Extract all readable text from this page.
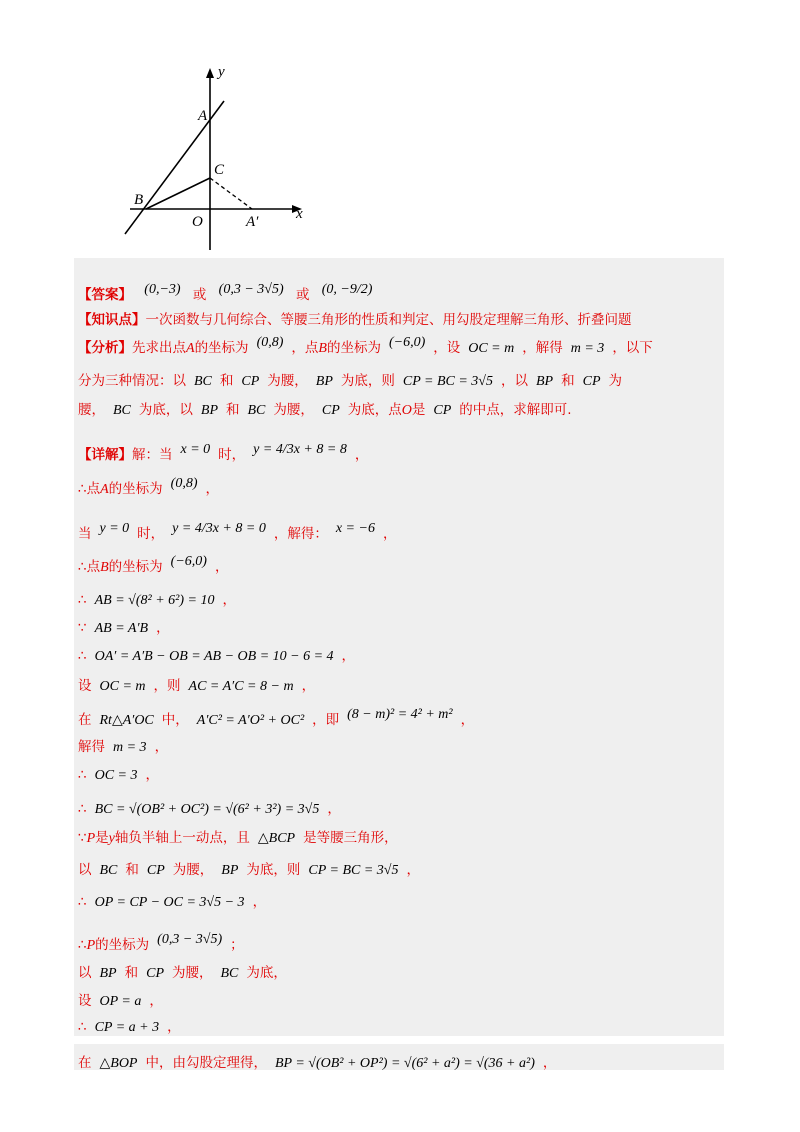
y
A
C
B
O	A′	x
【答案】 (0,−3) 或 (0,3 − 3√5) 或 (0, −9/2)
【知识点】一次函数与几何综合、等腰三角形的性质和判定、用勾股定理解三角形、折叠问题
【分析】先求出点A的坐标为 (0,8) ，点B的坐标为 (−6,0) ，设 OC = m ，解得 m = 3 ，以下
分为三种情况：以 BC 和 CP 为腰， BP 为底，则 CP = BC = 3√5 ，以 BP 和 CP 为
腰， BC 为底，以 BP 和 BC 为腰， CP 为底，点O是 CP 的中点，求解即可.
【详解】解：当 x = 0 时， y = 4/3x + 8 = 8 ，
∴点A的坐标为 (0,8) ，
当 y = 0 时， y = 4/3x + 8 = 0 ，解得： x = −6 ，
∴点B的坐标为 (−6,0) ，
∴ AB = √(8² + 6²) = 10 ，
∵ AB = A′B ，
∴ OA′ = A′B − OB = AB − OB = 10 − 6 = 4 ，
设 OC = m ，则 AC = A′C = 8 − m ，
在 Rt△A′OC 中， A′C² = A′O² + OC² ，即 (8 − m)² = 4² + m² ，
解得 m = 3 ，
∴ OC = 3 ，
∴ BC = √(OB² + OC²) = √(6² + 3²) = 3√5 ，
∵P是y轴负半轴上一动点，且 △BCP 是等腰三角形，
以 BC 和 CP 为腰， BP 为底，则 CP = BC = 3√5 ，
∴ OP = CP − OC = 3√5 − 3 ，
∴P的坐标为 (0,3 − 3√5) ；
以 BP 和 CP 为腰， BC 为底，
设 OP = a ，
∴ CP = a + 3 ，
在 △BOP 中，由勾股定理得， BP = √(OB² + OP²) = √(6² + a²) = √(36 + a²) ，
